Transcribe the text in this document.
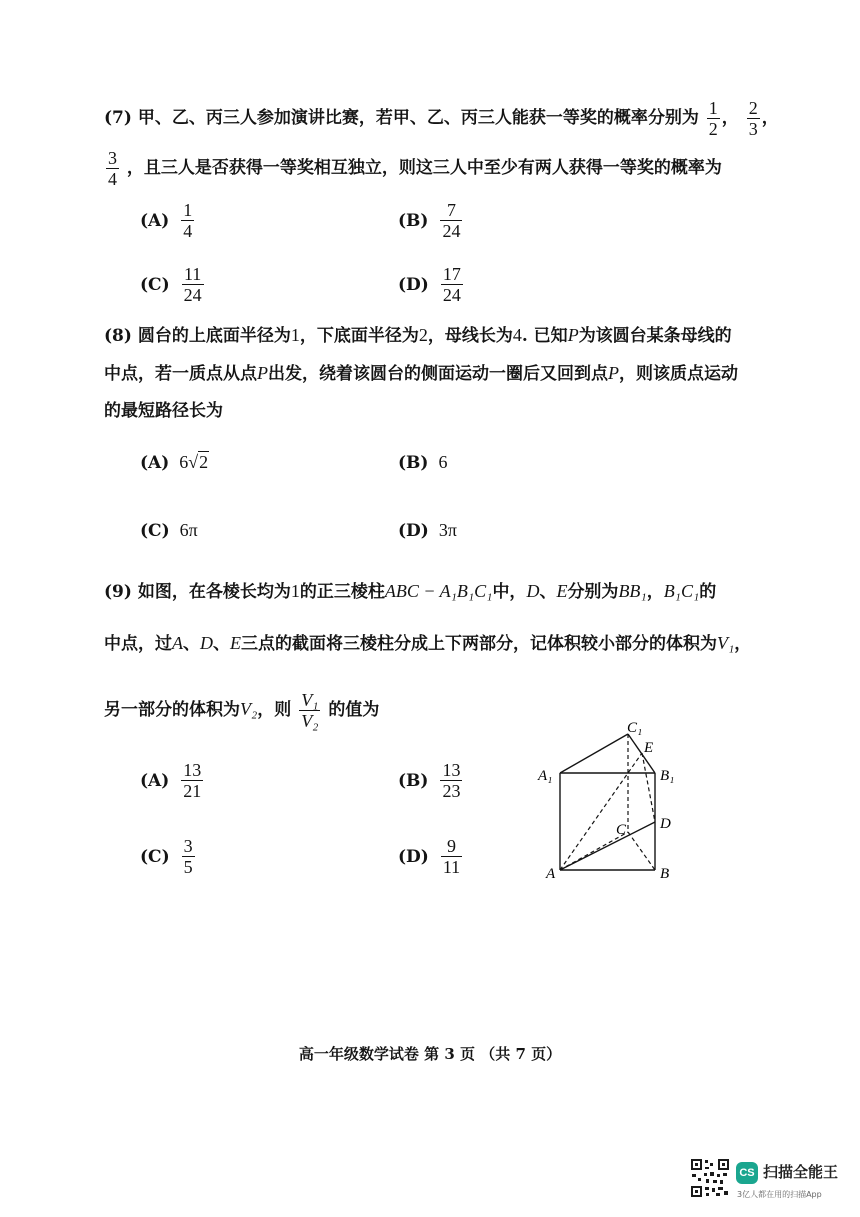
(7) 甲、乙、丙三人参加演讲比赛，若甲、乙、丙三人能获一等奖的概率分别为 $\frac{1}{2}$ ， $\frac{2}{3}$ ，
$\frac{3}{4}$ ，且三人是否获得一等奖相互独立，则这三人中至少有两人获得一等奖的概率为
$(A) \frac{1}{4}$	$(B) \frac{7}{24}$
$(C) \frac{11}{24}$	$(D) \frac{17}{24}$
(8) 圆台的上底面半径为1，下底面半径为2，母线长为4. 已知P为该圆台某条母线的
中点，若一质点从点P出发，绕着该圆台的侧面运动一圈后又回到点P，则该质点运动
的最短路径长为
(A) 6 √ 2	(B) 6
(C) 6π	(D) 3π
(9) 如图，在各棱长均为1的正三棱柱ABC − A₁B₁C₁中，D、E分别为BB₁，B₁C₁的
中点，过A、D、E三点的截面将三棱柱分成上下两部分，记体积较小部分的体积为V₁，
另一部分的体积为V₂，则 $\frac{\text{V₁}}{\text{V₂}}$ 的值为
$(A) \frac{13}{21}$	$(B) \frac{13}{23}$
$(C) \frac{3}{5}$	$(D) \frac{9}{11}$
C₁
E
A₁	B₁
C D
A	B
高一年级数学试卷 第 3 页 （共 7 页）
CS 扫描全能王
3亿人都在用的扫描App
